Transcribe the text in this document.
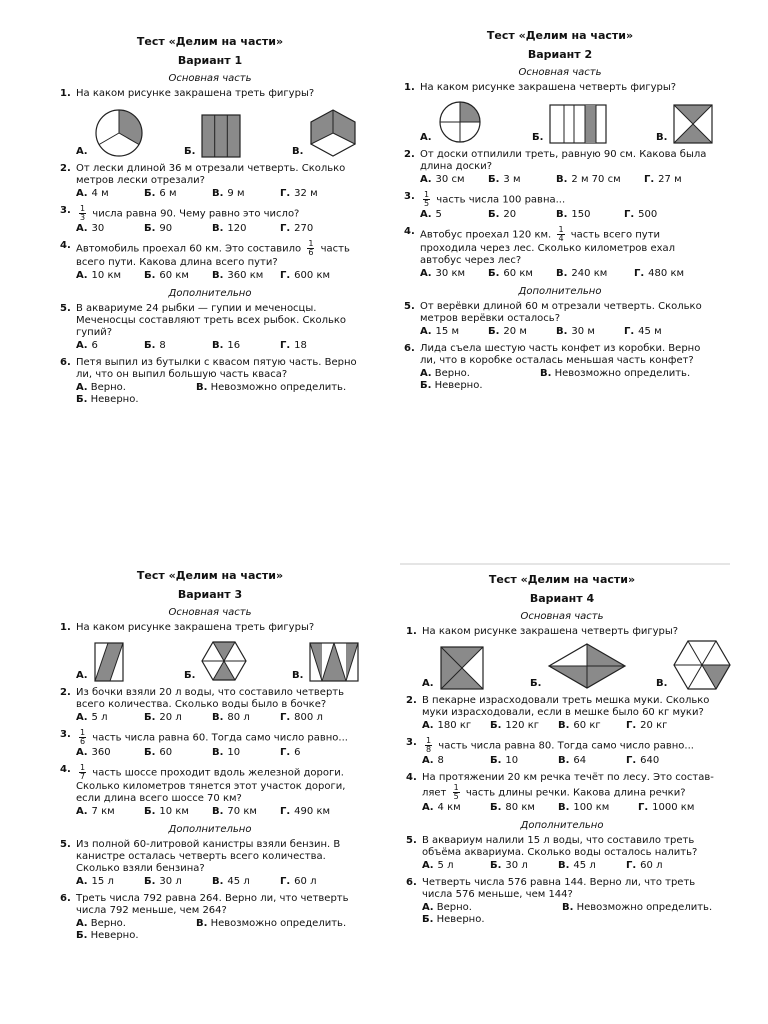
Тест «Делим на части»
Вариант 1
Основная часть
1. На каком рисунке закрашена треть фигуры?
А.	Б.	В.
2. От лески длиной 36 м отрезали четверть. Сколько метров лески отрезали?
А. 4 м	Б. 6 м	В. 9 м	Г. 32 м
3. $\frac{1}{3}$ числа равна 90. Чему равно это число?
А. 30	Б. 90	В. 120	Г. 270
4. Автомобиль проехал 60 км. Это составило $\frac{1}{6}$ часть всего пути. Какова длина всего пути?
А. 10 км	Б. 60 км	В. 360 км	Г. 600 км
Дополнительно
5. В аквариуме 24 рыбки — гупии и меченосцы. Меченосцы составляют треть всех рыбок. Сколько гупий?
А. 6	Б. 8	В. 16	Г. 18
6. Петя выпил из бутылки с квасом пятую часть. Верно ли, что он выпил большую часть кваса?
А. Верно.	В. Невозможно определить.
Б. Неверно.
Тест «Делим на части»
Вариант 2
Основная часть
1. На каком рисунке закрашена четверть фигуры?
А.	Б.	В.
2. От доски отпилили треть, равную 90 см. Какова была длина доски?
А. 30 см	Б. 3 м	В. 2 м 70 см	Г. 27 м
3. $\frac{1}{5}$ часть числа 100 равна...
А. 5	Б. 20	В. 150	Г. 500
4. Автобус проехал 120 км. $\frac{1}{4}$ часть всего пути проходила через лес. Сколько километров ехал автобус через лес?
А. 30 км	Б. 60 км	В. 240 км	Г. 480 км
Дополнительно
5. От верёвки длиной 60 м отрезали четверть. Сколько метров верёвки осталось?
А. 15 м	Б. 20 м	В. 30 м	Г. 45 м
6. Лида съела шестую часть конфет из коробки. Верно ли, что в коробке осталась меньшая часть конфет?
А. Верно.	В. Невозможно определить.
Б. Неверно.
Тест «Делим на части»
Вариант 3
Основная часть
1. На каком рисунке закрашена треть фигуры?
А.	Б.	В.
2. Из бочки взяли 20 л воды, что составило четверть всего количества. Сколько воды было в бочке?
А. 5 л	Б. 20 л	В. 80 л	Г. 800 л
3. $\frac{1}{6}$ часть числа равна 60. Тогда само число равно...
А. 360	Б. 60	В. 10	Г. 6
4. $\frac{1}{7}$ часть шоссе проходит вдоль железной дороги. Сколько километров тянется этот участок дороги, если длина всего шоссе 70 км?
А. 7 км	Б. 10 км	В. 70 км	Г. 490 км
Дополнительно
5. Из полной 60-литровой канистры взяли бензин. В канистре осталась четверть всего количества. Сколько взяли бензина?
А. 15 л	Б. 30 л	В. 45 л	Г. 60 л
6. Треть числа 792 равна 264. Верно ли, что четверть числа 792 меньше, чем 264?
А. Верно.	В. Невозможно определить.
Б. Неверно.
Тест «Делим на части»
Вариант 4
Основная часть
1. На каком рисунке закрашена четверть фигуры?
А.	Б.	В.
2. В пекарне израсходовали треть мешка муки. Сколько муки израсходовали, если в мешке было 60 кг муки?
А. 180 кг	Б. 120 кг	В. 60 кг	Г. 20 кг
3. $\frac{1}{8}$ часть числа равна 80. Тогда само число равно...
А. 8	Б. 10	В. 64	Г. 640
4. На протяжении 20 км речка течёт по лесу. Это составляет $\frac{1}{5}$ часть длины речки. Какова длина речки?
А. 4 км	Б. 80 км	В. 100 км	Г. 1000 км
Дополнительно
5. В аквариум налили 15 л воды, что составило треть объёма аквариума. Сколько воды осталось налить?
А. 5 л	Б. 30 л	В. 45 л	Г. 60 л
6. Четверть числа 576 равна 144. Верно ли, что треть числа 576 меньше, чем 144?
А. Верно.	В. Невозможно определить.
Б. Неверно.
